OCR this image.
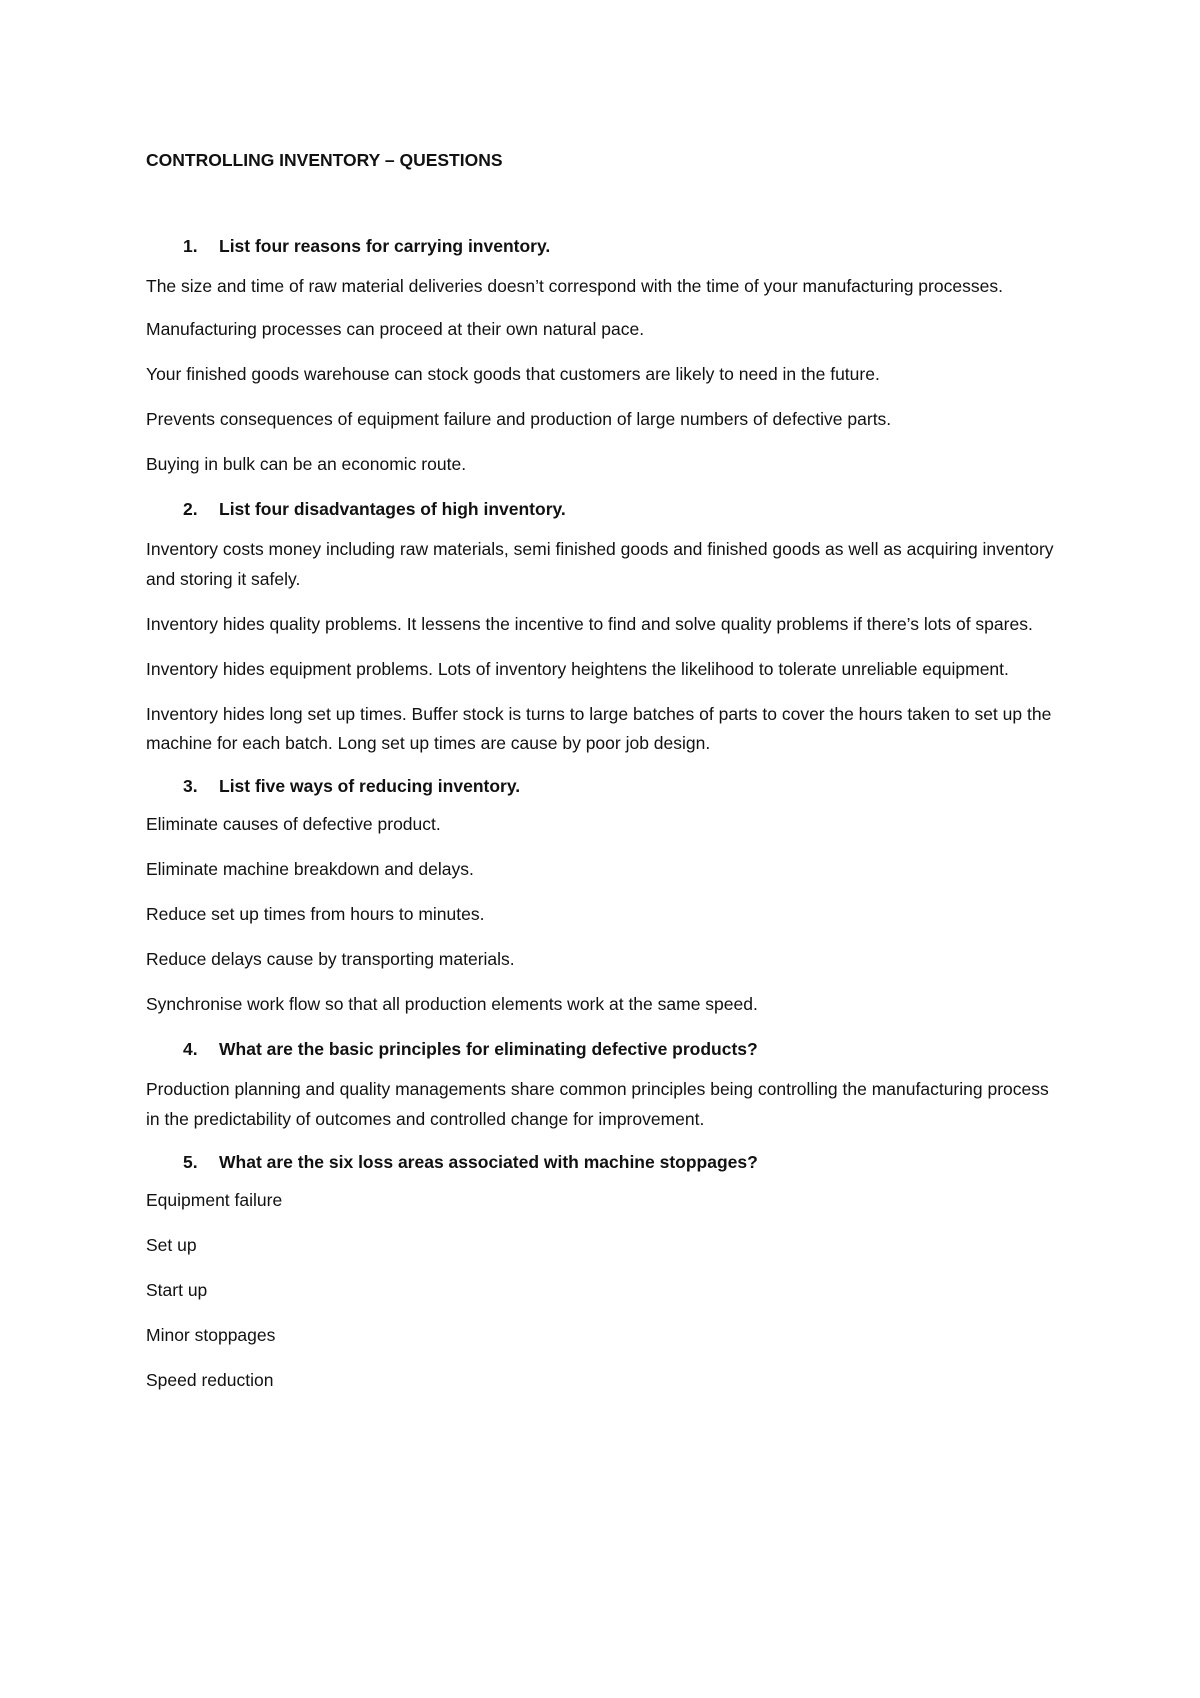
CONTROLLING INVENTORY – QUESTIONS
1. List four reasons for carrying inventory.

The size and time of raw material deliveries doesn’t correspond with the time of your manufacturing processes.

Manufacturing processes can proceed at their own natural pace.

Your finished goods warehouse can stock goods that customers are likely to need in the future.

Prevents consequences of equipment failure and production of large numbers of defective parts.

Buying in bulk can be an economic route.

2. List four disadvantages of high inventory.

Inventory costs money including raw materials, semi finished goods and finished goods as well as acquiring inventory and storing it safely.

Inventory hides quality problems. It lessens the incentive to find and solve quality problems if there’s lots of spares.

Inventory hides equipment problems. Lots of inventory heightens the likelihood to tolerate unreliable equipment.

Inventory hides long set up times. Buffer stock is turns to large batches of parts to cover the hours taken to set up the machine for each batch. Long set up times are cause by poor job design.

3. List five ways of reducing inventory.

Eliminate causes of defective product.

Eliminate machine breakdown and delays.

Reduce set up times from hours to minutes.

Reduce delays cause by transporting materials.

Synchronise work flow so that all production elements work at the same speed.

4. What are the basic principles for eliminating defective products?

Production planning and quality managements share common principles being controlling the manufacturing process in the predictability of outcomes and controlled change for improvement.

5. What are the six loss areas associated with machine stoppages?

Equipment failure

Set up

Start up

Minor stoppages

Speed reduction
